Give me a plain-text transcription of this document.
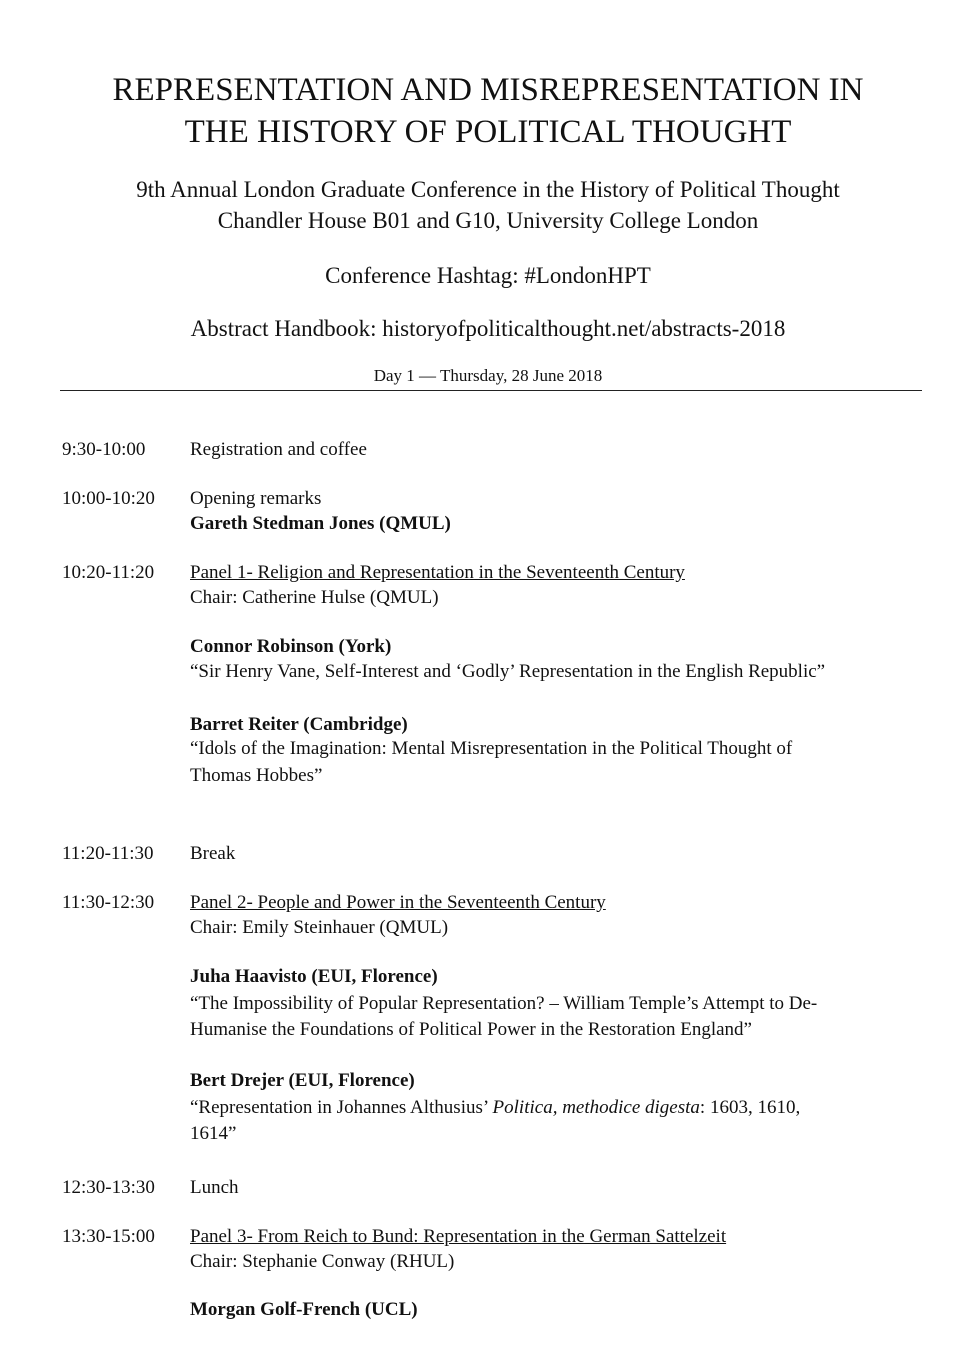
REPRESENTATION AND MISREPRESENTATION IN
THE HISTORY OF POLITICAL THOUGHT
9th Annual London Graduate Conference in the History of Political Thought
Chandler House B01 and G10, University College London
Conference Hashtag: #LondonHPT
Abstract Handbook: historyofpoliticalthought.net/abstracts-2018
Day 1 — Thursday, 28 June 2018
9:30-10:00 Registration and coffee
10:00-10:20 Opening remarks
Gareth Stedman Jones (QMUL)
10:20-11:20 Panel 1- Religion and Representation in the Seventeenth Century
Chair: Catherine Hulse (QMUL)
Connor Robinson (York)
“Sir Henry Vane, Self-Interest and ‘Godly’ Representation in the English Republic”
Barret Reiter (Cambridge)
“Idols of the Imagination: Mental Misrepresentation in the Political Thought of
Thomas Hobbes”
11:20-11:30 Break
11:30-12:30 Panel 2- People and Power in the Seventeenth Century
Chair: Emily Steinhauer (QMUL)
Juha Haavisto (EUI, Florence)
“The Impossibility of Popular Representation? – William Temple’s Attempt to De-
Humanise the Foundations of Political Power in the Restoration England”
Bert Drejer (EUI, Florence)
“Representation in Johannes Althusius’ Politica, methodice digesta: 1603, 1610,
1614”
12:30-13:30 Lunch
13:30-15:00 Panel 3- From Reich to Bund: Representation in the German Sattelzeit
Chair: Stephanie Conway (RHUL)
Morgan Golf-French (UCL)
